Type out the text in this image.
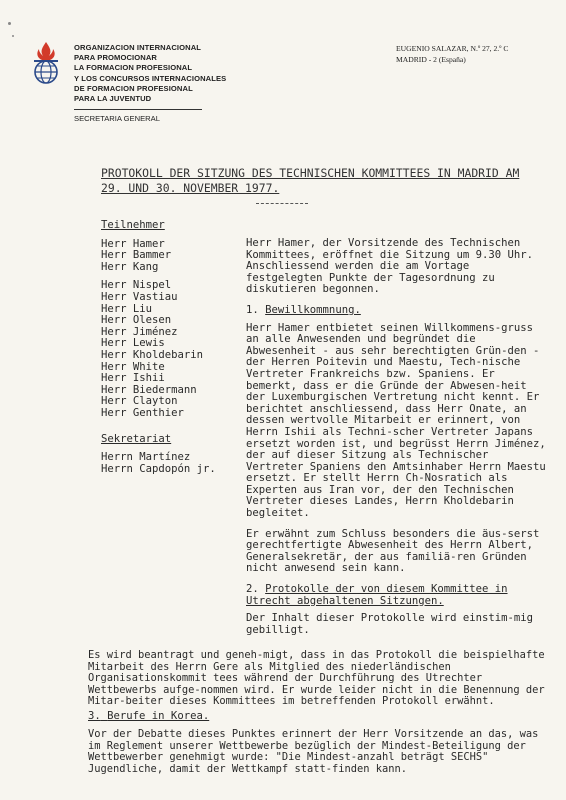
ORGANIZACION INTERNACIONAL
PARA PROMOCIONAR
LA FORMACION PROFESIONAL
Y LOS CONCURSOS INTERNACIONALES
DE FORMACION PROFESIONAL
PARA LA JUVENTUD
SECRETARIA GENERAL
EUGENIO SALAZAR, N.º 27, 2.º C
MADRID - 2 (España)
PROTOKOLL DER SITZUNG DES TECHNISCHEN KOMMITTEES IN MADRID AM
29. UND 30. NOVEMBER 1977.
Teilnehmer
Herr Hamer
Herr Bammer
Herr Kang
Herr Nispel
Herr Vastiau
Herr Liu
Herr Olesen
Herr Jiménez
Herr Lewis
Herr Kholdebarin
Herr White
Herr Ishii
Herr Biedermann
Herr Clayton
Herr Genthier
Sekretariat
Herrn Martínez
Herrn Capdopón jr.

Herr Hamer, der Vorsitzende des Technischen Kommittees, eröffnet die Sitzung um 9.30 Uhr. Anschliessend werden die am Vortage festgelegten Punkte der Tagesordnung zu diskutieren begonnen.

1. Bewillkommnung.

Herr Hamer entbietet seinen Willkommens-gruss an alle Anwesenden und begründet die Abwesenheit - aus sehr berechtigten Grün-den - der Herren Poitevin und Maestu, Tech-nische Vertreter Frankreichs bzw. Spaniens. Er bemerkt, dass er die Gründe der Abwesen-heit der Luxemburgischen Vertretung nicht kennt. Er berichtet anschliessend, dass Herr Onate, an dessen wertvolle Mitarbeit er erinnert, von Herrn Ishii als Techni-scher Vertreter Japans ersetzt worden ist, und begrüsst Herrn Jiménez, der auf dieser Sitzung als Technischer Vertreter Spaniens den Amtsinhaber Herrn Maestu ersetzt. Er stellt Herrn Ch-Nosratich als Experten aus Iran vor, der den Technischen Vertreter dieses Landes, Herrn Kholdebarin begleitet.

Er erwähnt zum Schluss besonders die äus-serst gerechtfertigte Abwesenheit des Herrn Albert, Generalsekretär, der aus familiä-ren Gründen nicht anwesend sein kann.

2. Protokolle der von diesem Kommittee in Utrecht abgehaltenen Sitzungen.

Der Inhalt dieser Protokolle wird einstim-mig gebilligt.

Es wird beantragt und geneh-migt, dass in das Protokoll die beispielhafte Mitarbeit des Herrn Gere als Mitglied des niederländischen Organisationskommit tees während der Durchführung des Utrechter Wettbewerbs aufge-nommen wird. Er wurde leider nicht in die Benennung der Mitar-beiter dieses Kommittees im betreffenden Protokoll erwähnt.

3. Berufe in Korea.

Vor der Debatte dieses Punktes erinnert der Herr Vorsitzende an das, was im Reglement unserer Wettbewerbe bezüglich der Mindest-Beteiligung der Wettbewerber genehmigt wurde: "Die Mindest-anzahl beträgt SECHS" Jugendliche, damit der Wettkampf statt-finden kann.
